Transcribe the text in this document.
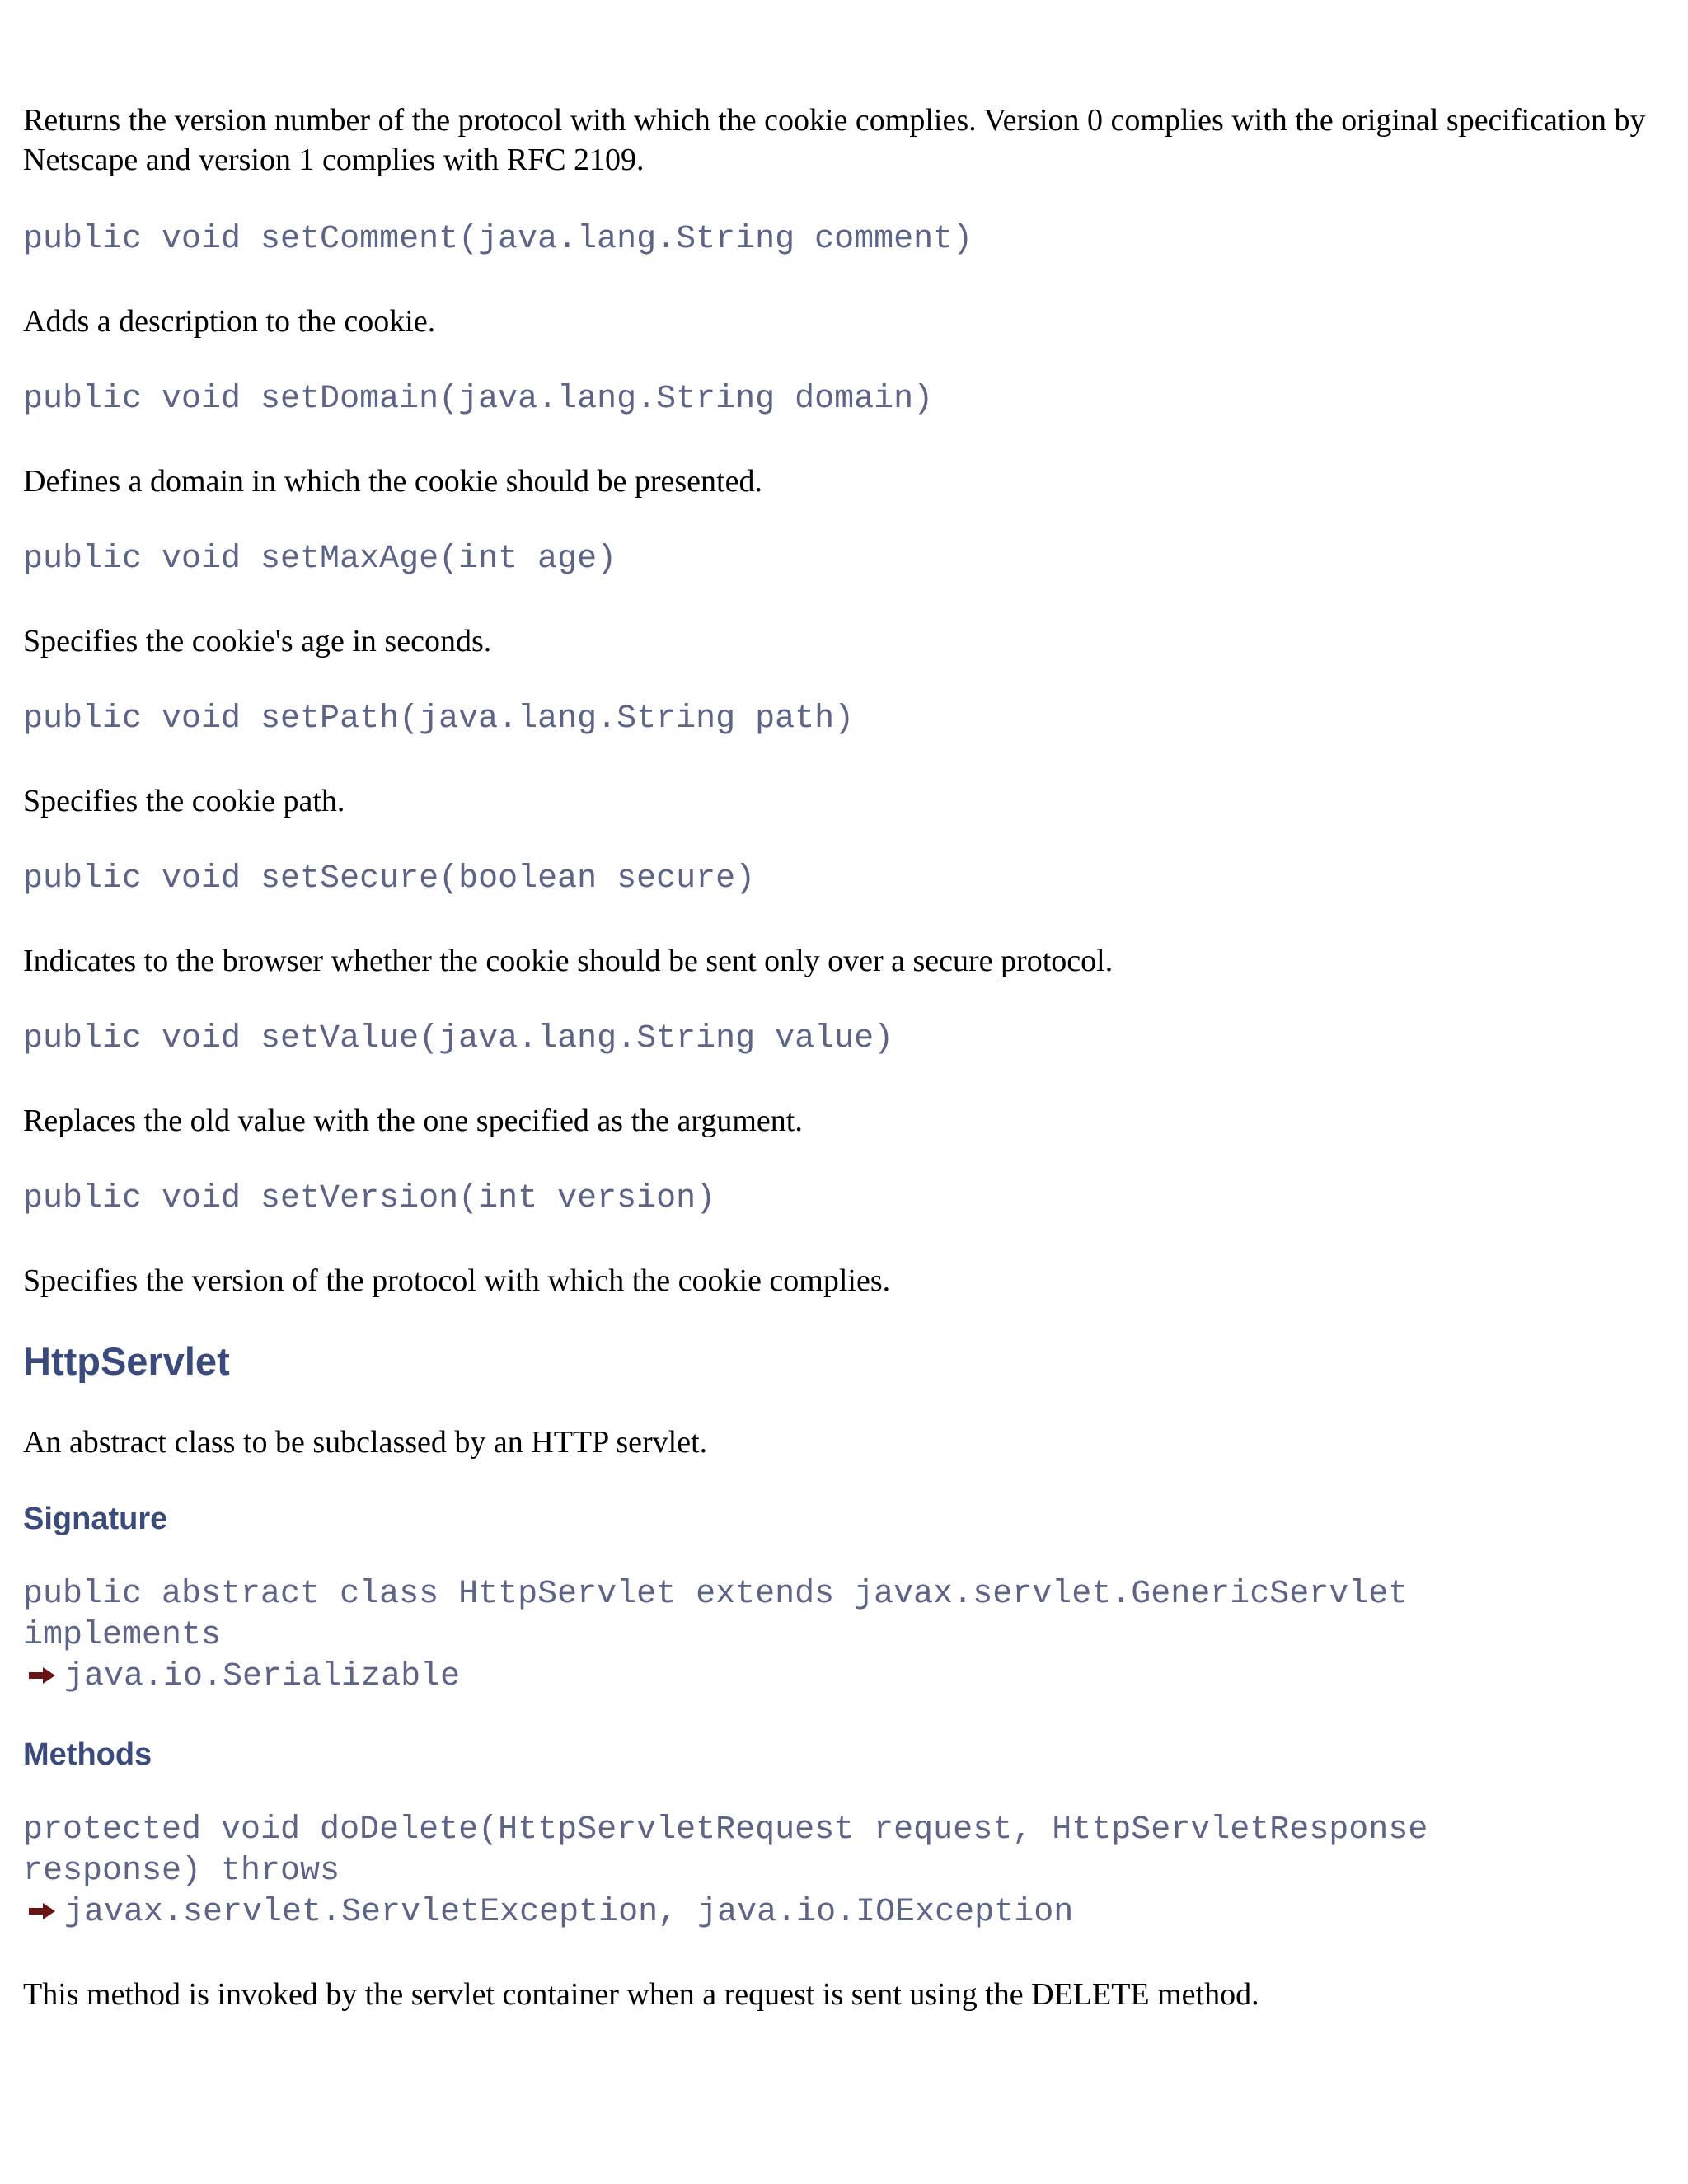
Returns the version number of the protocol with which the cookie complies. Version 0 complies with the original specification by Netscape and version 1 complies with RFC 2109.

public void setComment(java.lang.String comment)

Adds a description to the cookie.

public void setDomain(java.lang.String domain)

Defines a domain in which the cookie should be presented.

public void setMaxAge(int age)

Specifies the cookie's age in seconds.

public void setPath(java.lang.String path)

Specifies the cookie path.

public void setSecure(boolean secure)

Indicates to the browser whether the cookie should be sent only over a secure protocol.

public void setValue(java.lang.String value)

Replaces the old value with the one specified as the argument.

public void setVersion(int version)

Specifies the version of the protocol with which the cookie complies.

HttpServlet

An abstract class to be subclassed by an HTTP servlet.

Signature
public abstract class HttpServlet extends javax.servlet.GenericServlet
implements
java.io.Serializable
Methods
protected void doDelete(HttpServletRequest request, HttpServletResponse
response) throws
javax.servlet.ServletException, java.io.IOException

This method is invoked by the servlet container when a request is sent using the DELETE method.
